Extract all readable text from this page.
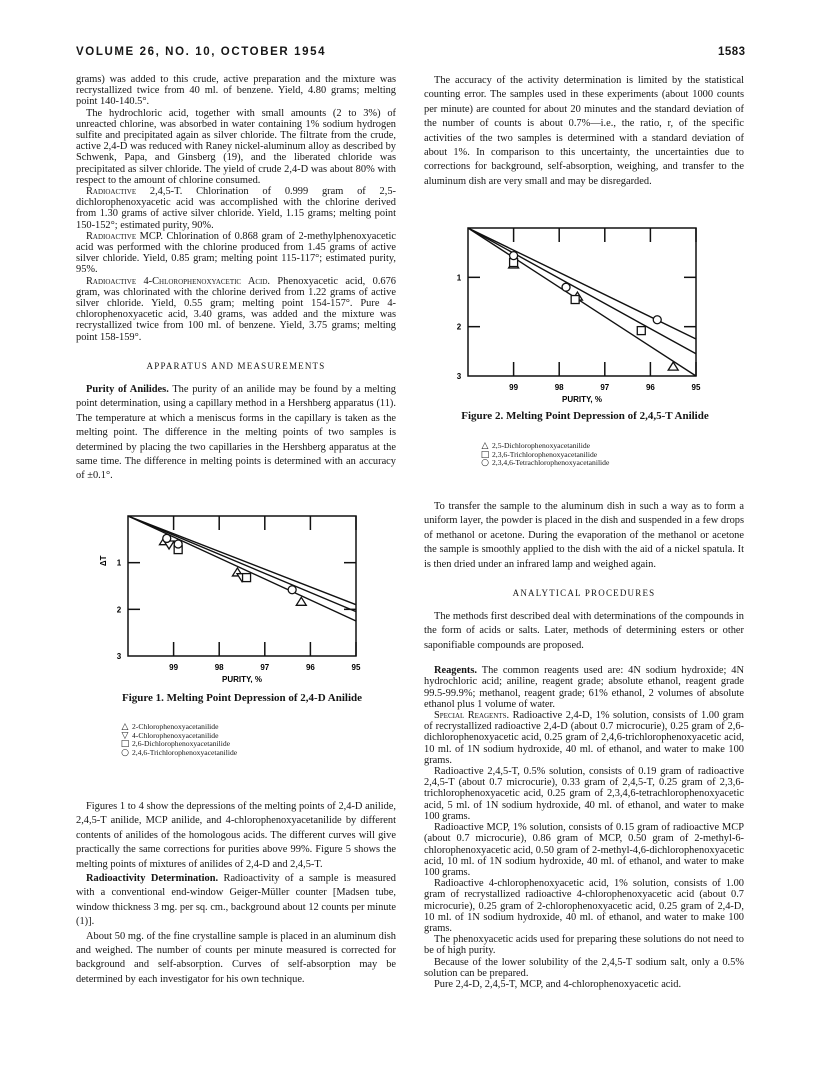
VOLUME 26, NO. 10, OCTOBER 1954	1583

grams) was added to this crude, active preparation and the mixture was recrystallized twice from 40 ml. of benzene. Yield, 4.80 grams; melting point 140-140.5°.

The hydrochloric acid, together with small amounts (2 to 3%) of unreacted chlorine, was absorbed in water containing 1% sodium hydrogen sulfite and precipitated again as silver chloride. The filtrate from the crude, active 2,4-D was reduced with Raney nickel-aluminum alloy as described by Schwenk, Papa, and Ginsberg (19), and the liberated chloride was precipitated as silver chloride. The yield of crude 2,4-D was about 80% with respect to the amount of chlorine consumed.

Radioactive 2,4,5-T. Chlorination of 0.999 gram of 2,5-dichlorophenoxyacetic acid was accomplished with the chlorine derived from 1.30 grams of active silver chloride. Yield, 1.15 grams; melting point 150-152°; estimated purity, 90%.

Radioactive MCP. Chlorination of 0.868 gram of 2-methylphenoxyacetic acid was performed with the chlorine produced from 1.45 grams of active silver chloride. Yield, 0.85 gram; melting point 115-117°; estimated purity, 95%.

Radioactive 4-Chlorophenoxyacetic Acid. Phenoxyacetic acid, 0.676 gram, was chlorinated with the chlorine derived from 1.22 grams of active silver chloride. Yield, 0.55 gram; melting point 154-157°. Pure 4-chlorophenoxyacetic acid, 3.40 grams, was added and the mixture was recrystallized twice from 100 ml. of benzene. Yield, 3.75 grams; melting point 158-159°.

APPARATUS AND MEASUREMENTS

Purity of Anilides. The purity of an anilide may be found by a melting point determination, using a capillary method in a Hershberg apparatus (11). The temperature at which a meniscus forms in the capillary is taken as the melting point. The difference in the melting points of two samples is determined by placing the two capillaries in the Hershberg apparatus at the same time. The difference in melting points is determined with an accuracy of ±0.1°.

99	98	97	96	95
1
2
3
PURITY, %
ΔT

Figure 1. Melting Point Depression of 2,4-D Anilide

△ 2-Chlorophenoxyacetanilide
▽ 4-Chlorophenoxyacetanilide
□ 2,6-Dichlorophenoxyacetanilide
○ 2,4,6-Trichlorophenoxyacetanilide

Figures 1 to 4 show the depressions of the melting points of 2,4-D anilide, 2,4,5-T anilide, MCP anilide, and 4-chlorophenoxyacetanilide by different contents of anilides of the homologous acids. The different curves will give practically the same corrections for purities above 99%. Figure 5 shows the melting points of mixtures of anilides of 2,4-D and 2,4,5-T.

Radioactivity Determination. Radioactivity of a sample is measured with a conventional end-window Geiger-Müller counter [Madsen tube, window thickness 3 mg. per sq. cm., background about 12 counts per minute (1)].

About 50 mg. of the fine crystalline sample is placed in an aluminum dish and weighed. The number of counts per minute measured is corrected for background and self-absorption. Curves of self-absorption may be determined by each investigator for his own technique.

The accuracy of the activity determination is limited by the statistical counting error. The samples used in these experiments (about 1000 counts per minute) are counted for about 20 minutes and the standard deviation of the number of counts is about 0.7%—i.e., the ratio, r, of the specific activities of the two samples is determined with a standard deviation of about 1%. In comparison to this uncertainty, the uncertainties due to corrections for background, self-absorption, weighing, and transfer to the aluminum dish are very small and may be disregarded.

99	98	97	96	95
1
2
3
PURITY, %

Figure 2. Melting Point Depression of 2,4,5-T Anilide

△ 2,5-Dichlorophenoxyacetanilide
□ 2,3,6-Trichlorophenoxyacetanilide
○ 2,3,4,6-Tetrachlorophenoxyacetanilide

To transfer the sample to the aluminum dish in such a way as to form a uniform layer, the powder is placed in the dish and suspended in a few drops of methanol or acetone. During the evaporation of the methanol or acetone the sample is smoothly applied to the dish with the aid of a nickel spatula. It is then dried under an infrared lamp and weighed again.

ANALYTICAL PROCEDURES

The methods first described deal with determinations of the compounds in the form of acids or salts. Later, methods of determining esters or other saponifiable compounds are proposed.

Reagents. The common reagents used are: 4N sodium hydroxide; 4N hydrochloric acid; aniline, reagent grade; absolute ethanol, reagent grade 99.5-99.9%; methanol, reagent grade; 61% ethanol, 2 volumes of absolute ethanol plus 1 volume of water.

Special Reagents. Radioactive 2,4-D, 1% solution, consists of 1.00 gram of recrystallized radioactive 2,4-D (about 0.7 microcurie), 0.25 gram of 2,6-dichlorophenoxyacetic acid, 0.25 gram of 2,4,6-trichlorophenoxyacetic acid, 10 ml. of 1N sodium hydroxide, 40 ml. of ethanol, and water to make 100 grams.

Radioactive 2,4,5-T, 0.5% solution, consists of 0.19 gram of radioactive 2,4,5-T (about 0.7 microcurie), 0.33 gram of 2,4,5-T, 0.25 gram of 2,3,6-trichlorophenoxyacetic acid, 0.25 gram of 2,3,4,6-tetrachlorophenoxyacetic acid, 5 ml. of 1N sodium hydroxide, 40 ml. of ethanol, and water to make 100 grams.

Radioactive MCP, 1% solution, consists of 0.15 gram of radioactive MCP (about 0.7 microcurie), 0.86 gram of MCP, 0.50 gram of 2-methyl-6-chlorophenoxyacetic acid, 0.50 gram of 2-methyl-4,6-dichlorophenoxyacetic acid, 10 ml. of 1N sodium hydroxide, 40 ml. of ethanol, and water to make 100 grams.

Radioactive 4-chlorophenoxyacetic acid, 1% solution, consists of 1.00 gram of recrystallized radioactive 4-chlorophenoxyacetic acid (about 0.7 microcurie), 0.25 gram of 2-chlorophenoxyacetic acid, 0.25 gram of 2,4-D, 10 ml. of 1N sodium hydroxide, 40 ml. of ethanol, and water to make 100 grams.

The phenoxyacetic acids used for preparing these solutions do not need to be of high purity.

Because of the lower solubility of the 2,4,5-T sodium salt, only a 0.5% solution can be prepared.

Pure 2,4-D, 2,4,5-T, MCP, and 4-chlorophenoxyacetic acid.
